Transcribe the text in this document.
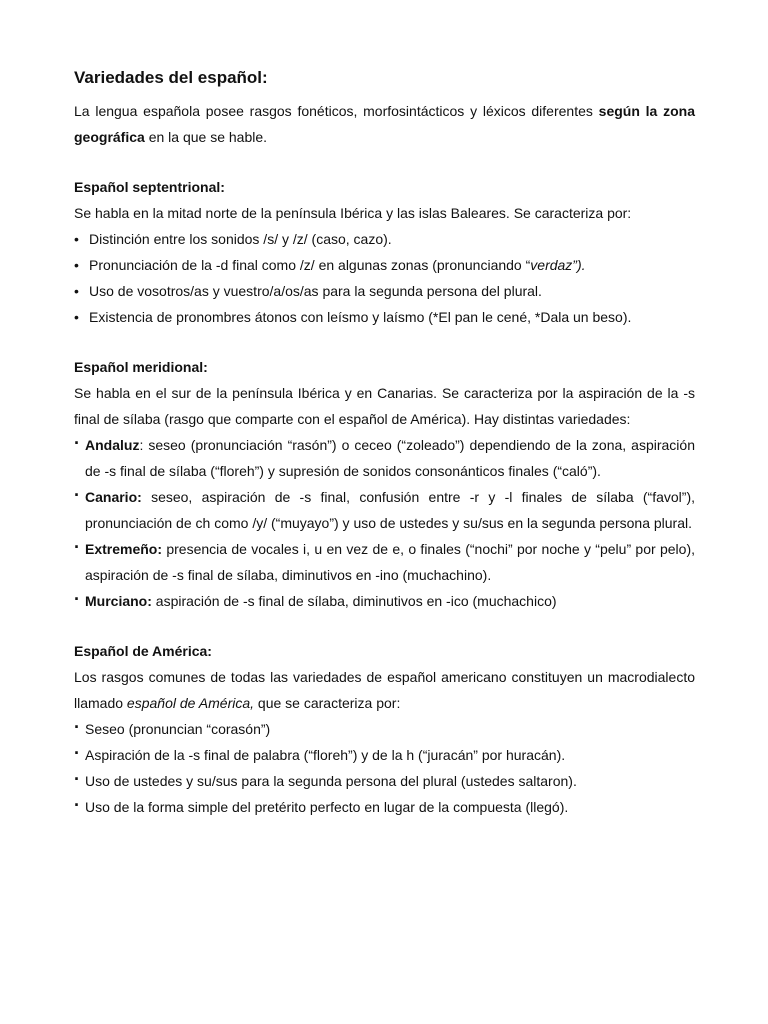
Variedades del español:

La lengua española posee rasgos fonéticos, morfosintácticos y léxicos diferentes según la zona geográfica en la que se hable.

Español septentrional:

Se habla en la mitad norte de la península Ibérica y las islas Baleares. Se caracteriza por:

• Distinción entre los sonidos /s/ y /z/ (caso, cazo).
• Pronunciación de la -d final como /z/ en algunas zonas (pronunciando “verdaz”).
• Uso de vosotros/as y vuestro/a/os/as para la segunda persona del plural.
• Existencia de pronombres átonos con leísmo y laísmo (*El pan le cené, *Dala un beso).

Español meridional:

Se habla en el sur de la península Ibérica y en Canarias. Se caracteriza por la aspiración de la -s final de sílaba (rasgo que comparte con el español de América). Hay distintas variedades:

· Andaluz: seseo (pronunciación “rasón”) o ceceo (“zoleado”) dependiendo de la zona, aspiración de -s final de sílaba (“floreh”) y supresión de sonidos consonánticos finales (“caló”).
· Canario: seseo, aspiración de -s final, confusión entre -r y -l finales de sílaba (“favol”), pronunciación de ch como /y/ (“muyayo”) y uso de ustedes y su/sus en la segunda persona plural.
· Extremeño: presencia de vocales i, u en vez de e, o finales (“nochi” por noche y “pelu” por pelo), aspiración de -s final de sílaba, diminutivos en -ino (muchachino).
· Murciano: aspiración de -s final de sílaba, diminutivos en -ico (muchachico)

Español de América:

Los rasgos comunes de todas las variedades de español americano constituyen un macrodialecto llamado español de América, que se caracteriza por:

· Seseo (pronuncian “corasón”)
· Aspiración de la -s final de palabra (“floreh”) y de la h (“juracán” por huracán).
· Uso de ustedes y su/sus para la segunda persona del plural (ustedes saltaron).
· Uso de la forma simple del pretérito perfecto en lugar de la compuesta (llegó).
